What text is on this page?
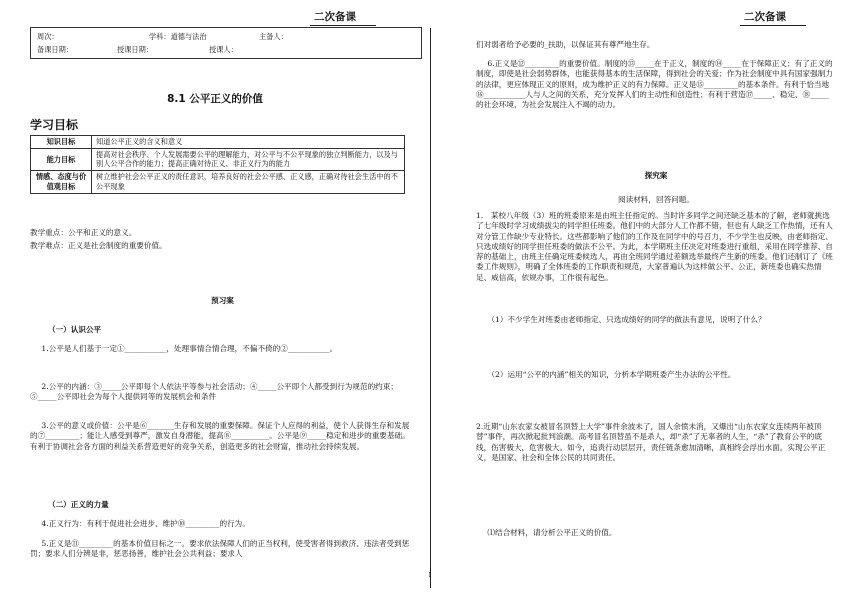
二次备课
周次：	学科：道德与法治	主备人：
备课日期：	授课日期：	授课人：
8.1 公平正义的价值
学习目标
知识目标	知道公平正义的含义和意义
能力目标	提高对社会秩序、个人发展需要公平的理解能力，对公平与不公平现象的独立判断能力，以及与别人公平合作的能力；提高正确对待正义、非正义行为的能力
情感、态度与价值观目标	树立维护社会公平正义的责任意识，培养良好的社会公平感、正义感，正确对待社会生活中的不公平现象
教学重点：公平和正义的意义。
教学难点：正义是社会制度的重要价值。
预习案
（一）认识公平
1.公平是人们基于一定①___________，处理事情合情合理，不偏不倚的②___________。
2.公平的内涵：③_____公平即每个人依法平等参与社会活动；④_____公平即个人都受到行为规范的约束；⑤_____公平即社会为每个人提供同等的发展机会和条件
3.公平的意义或价值：公平是⑥_______生存和发展的重要保障。保证个人应得的利益，使个人获得生存和发展的⑦_________；能让人感受到尊严，激发自身潜能，提高⑧__________。公平是⑨_____稳定和进步的重要基础。有利于协调社会各方面的利益关系营造更好的竞争关系，创造更多的社会财富，推动社会持续发展。
（二）正义的力量
4.正义行为：有利于促进社会进步、维护⑩_________的行为。
5.正义是⑪_________的基本价值目标之一。要求依法保障人们的正当权利，使受害者得到救济、违法者受到惩罚；要求人们分辨是非，惩恶扬善，维护社会公共利益；要求人
二次备课
们对弱者给予必要的_扶助，以保证其有尊严地生存。
6.正义是⑫_________的重要价值。制度的⑬_____在于正义，制度的⑭_____在于保障正义；有了正义的制度，即使是社会弱势群体，也能获得基本的生活保障，得到社会的关爱；作为社会制度中具有国家强制力的法律，更应体现正义的原则，成为维护正义的有力保障。正义是⑮_________的基本条件。有利于恰当地⑯___________人与人之间的关系，充分发挥人们的主动性和创造性；有利于营造⑰_____、稳定、⑱_____的社会环境，为社会发展注入不竭的动力。
探究案
阅读材料，回答问题。
1.　某校八年级（3）班的班委原来是由班主任指定的。当时许多同学之间还缺乏基本的了解，老师就挑选了七年级时学习成绩拔尖的同学担任班委。他们中的大部分人工作都不错，但也有人缺乏工作热情，还有人对分管工作缺少专业特长。这些都影响了他们的工作及在同学中的号召力，不少学生也反映，由老师指定、只选成绩好的同学担任班委的做法不公平。为此，本学期班主任决定对班委进行重组，采用在同学推荐、自荐的基础上，由班主任确定班委候选人，再由全班同学通过差额选举最终产生新的班委。他们还制订了《班委工作规则》，明确了全体班委的工作职责和规范，大家普遍认为这样做公平、公正，新班委也确实热情足、威信高，依规办事，工作很有起色。
（1）不少学生对班委由老师指定、只选成绩好的同学的做法有意见，说明了什么？
（2）运用“公平的内涵”相关的知识，分析本学期班委产生办法的公平性。
2.近期“山东农家女被冒名顶替上大学”事件余波未了，国人余愤未消，又爆出“山东农家女连续两年被顶替”事件，再次掀起批判浪潮。高考冒名顶替虽不是杀人，却“杀”了无辜者的人生，“杀”了教育公平的底线，伤害极大，危害极大。如今，追责行动层层开，责任链条愈加清晰，真相终会浮出水面。实现公平正义，是国家、社会和全体公民的共同责任。
⑴结合材料，请分析公平正义的价值。
1
